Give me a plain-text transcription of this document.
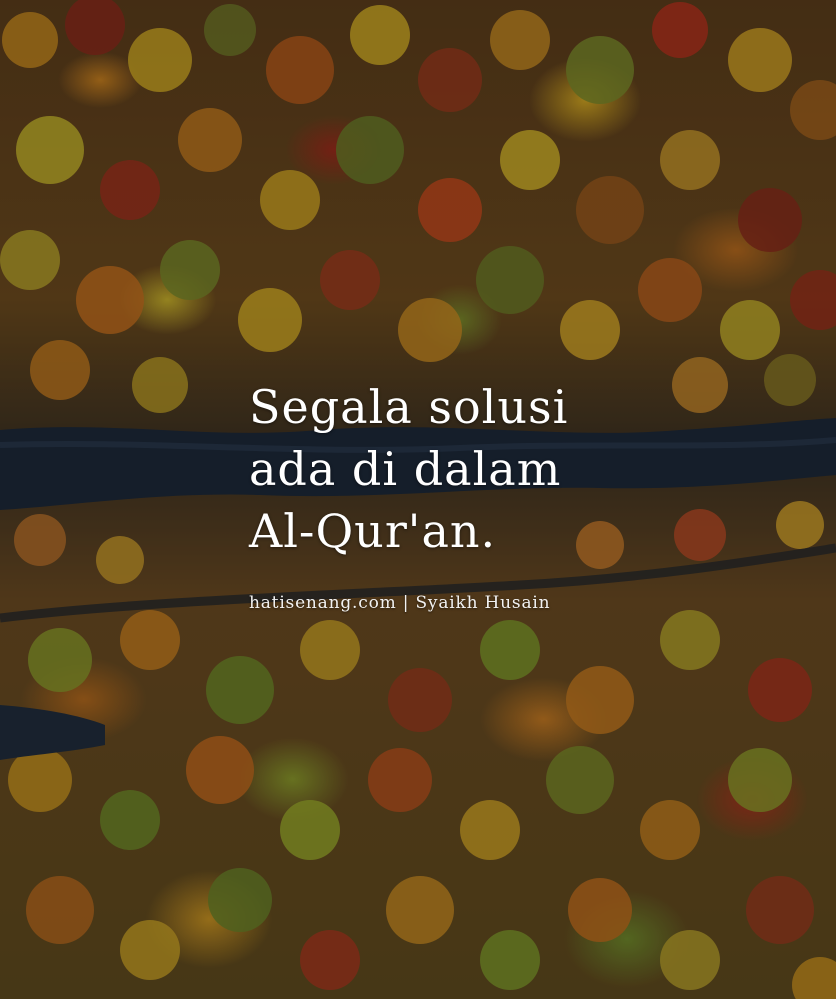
Segala solusi
ada di dalam
Al-Qur'an.

hatisenang.com | Syaikh Husain
